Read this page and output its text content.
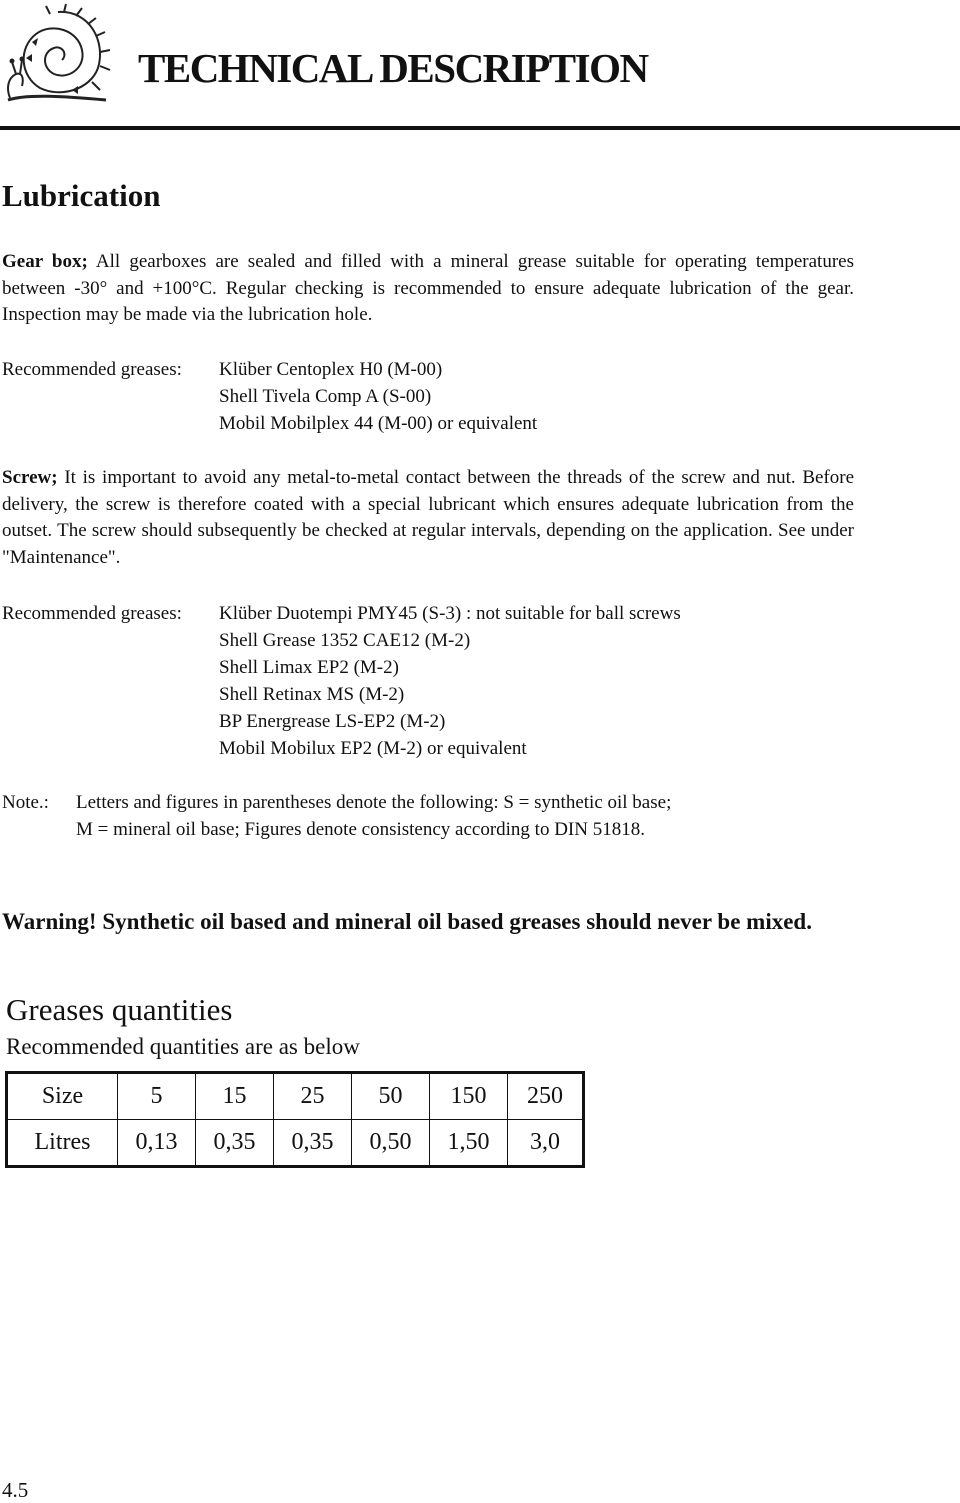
TECHNICAL DESCRIPTION
Lubrication
Gear box; All gearboxes are sealed and filled with a mineral grease suitable for operating temperatures between -30° and +100°C. Regular checking is recommended to ensure adequate lubrication of the gear. Inspection may be made via the lubrication hole.
Recommended greases: Klüber Centoplex H0 (M-00)
Shell Tivela Comp A (S-00)
Mobil Mobilplex 44 (M-00) or equivalent
Screw; It is important to avoid any metal-to-metal contact between the threads of the screw and nut. Before delivery, the screw is therefore coated with a special lubricant which ensures adequate lubrication from the outset. The screw should subsequently be checked at regular intervals, depending on the application. See under "Maintenance".
Recommended greases: Klüber Duotempi PMY45 (S-3) : not suitable for ball screws
Shell Grease 1352 CAE12 (M-2)
Shell Limax EP2 (M-2)
Shell Retinax MS (M-2)
BP Energrease LS-EP2 (M-2)
Mobil Mobilux EP2 (M-2) or equivalent
Note.: Letters and figures in parentheses denote the following: S = synthetic oil base;
M = mineral oil base; Figures denote consistency according to DIN 51818.
Warning! Synthetic oil based and mineral oil based greases should never be mixed.
Greases quantities
Recommended quantities are as below
Size	5	15	25	50	150	250
Litres	0,13	0,35	0,35	0,50	1,50	3,0
4.5
